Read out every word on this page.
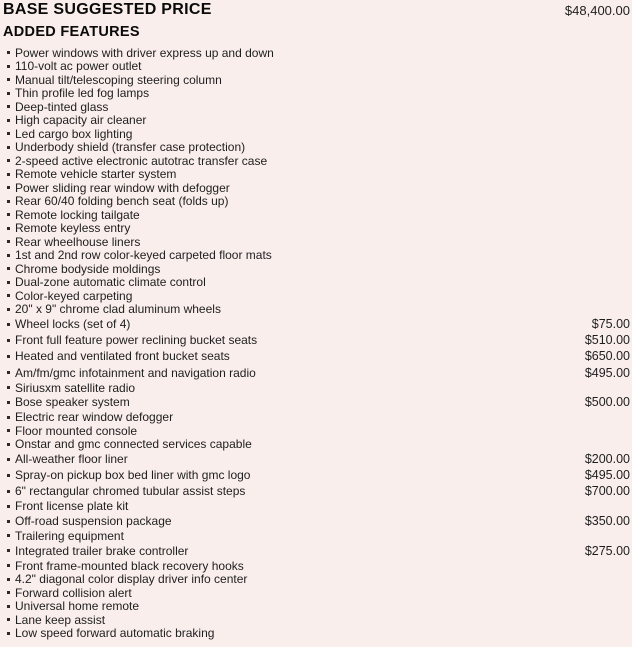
BASE SUGGESTED PRICE	$48,400.00
ADDED FEATURES
Power windows with driver express up and down
110-volt ac power outlet
Manual tilt/telescoping steering column
Thin profile led fog lamps
Deep-tinted glass
High capacity air cleaner
Led cargo box lighting
Underbody shield (transfer case protection)
2-speed active electronic autotrac transfer case
Remote vehicle starter system
Power sliding rear window with defogger
Rear 60/40 folding bench seat (folds up)
Remote locking tailgate
Remote keyless entry
Rear wheelhouse liners
1st and 2nd row color-keyed carpeted floor mats
Chrome bodyside moldings
Dual-zone automatic climate control
Color-keyed carpeting
20" x 9" chrome clad aluminum wheels
Wheel locks (set of 4)	$75.00
Front full feature power reclining bucket seats	$510.00
Heated and ventilated front bucket seats	$650.00
Am/fm/gmc infotainment and navigation radio	$495.00
Siriusxm satellite radio
Bose speaker system	$500.00
Electric rear window defogger
Floor mounted console
Onstar and gmc connected services capable
All-weather floor liner	$200.00
Spray-on pickup box bed liner with gmc logo	$495.00
6" rectangular chromed tubular assist steps	$700.00
Front license plate kit
Off-road suspension package	$350.00
Trailering equipment
Integrated trailer brake controller	$275.00
Front frame-mounted black recovery hooks
4.2" diagonal color display driver info center
Forward collision alert
Universal home remote
Lane keep assist
Low speed forward automatic braking
